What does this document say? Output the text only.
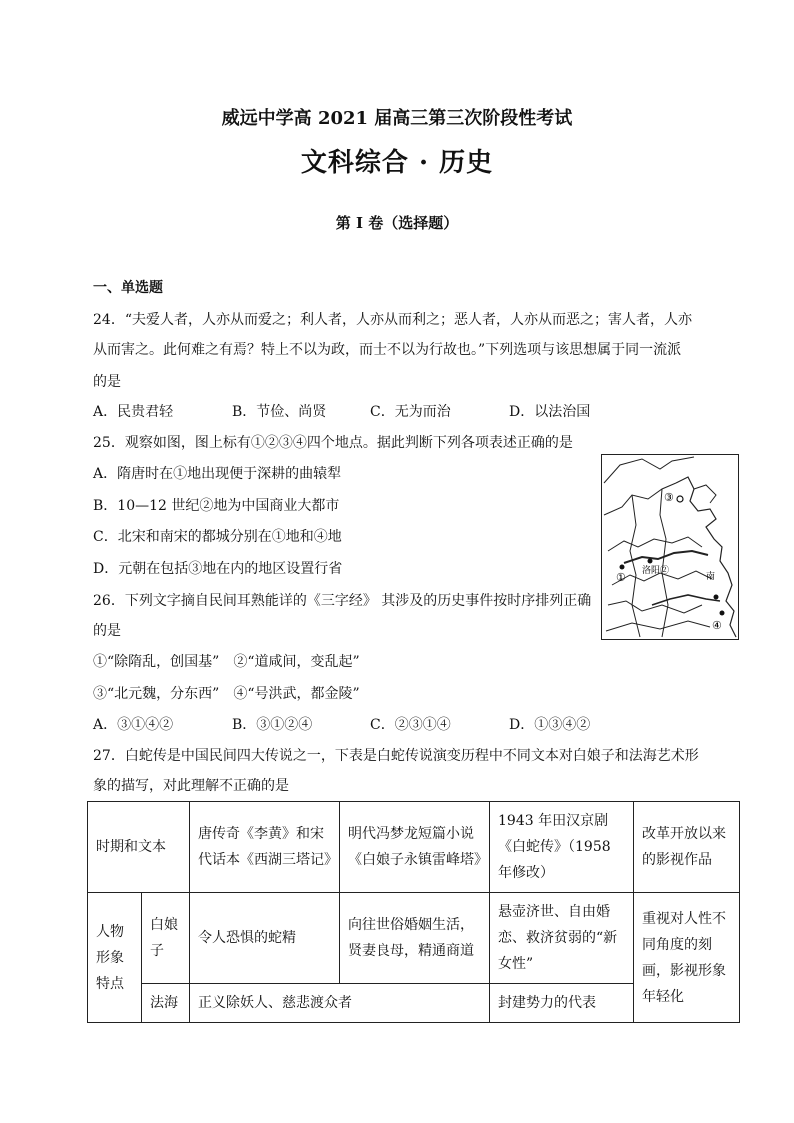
威远中学高 2021 届高三第三次阶段性考试
文科综合 · 历史
第 I 卷（选择题）
一、单选题
24．“夫爱人者，人亦从而爱之；利人者，人亦从而利之；恶人者，人亦从而恶之；害人者，人亦
从而害之。此何难之有焉？特上不以为政，而士不以为行故也。”下列选项与该思想属于同一流派
的是
A．民贵君轻	B．节俭、尚贤	C．无为而治	D．以法治国
25．观察如图，图上标有①②③④四个地点。据此判断下列各项表述正确的是
A．隋唐时在①地出现便于深耕的曲辕犁
B．10—12 世纪②地为中国商业大都市
C．北宋和南宋的都城分别在①地和④地
D．元朝在包括③地在内的地区设置行省
① 洛阳②
③
南
④
26．下列文字摘自民间耳熟能详的《三字经》 其涉及的历史事件按时序排列正确
的是
①“除隋乱，创国基”　②“道咸间，变乱起”
③“北元魏，分东西”　④“号洪武，都金陵”
A．③①④②	B．③①②④	C．②③①④	D．①③④②
27．白蛇传是中国民间四大传说之一，下表是白蛇传说演变历程中不同文本对白娘子和法海艺术形
象的描写，对此理解不正确的是
时期和文本		唐传奇《李黄》和宋代话本《西湖三塔记》	明代冯梦龙短篇小说《白娘子永镇雷峰塔》	1943 年田汉京剧《白蛇传》（1958 年修改）	改革开放以来的影视作品
人物形象特点	白娘子	令人恐惧的蛇精	向往世俗婚姻生活，贤妻良母，精通商道	悬壶济世、自由婚恋、救济贫弱的“新女性”	重视对人性不同角度的刻画，影视形象年轻化
	法海	正义除妖人、慈悲渡众者		封建势力的代表	
